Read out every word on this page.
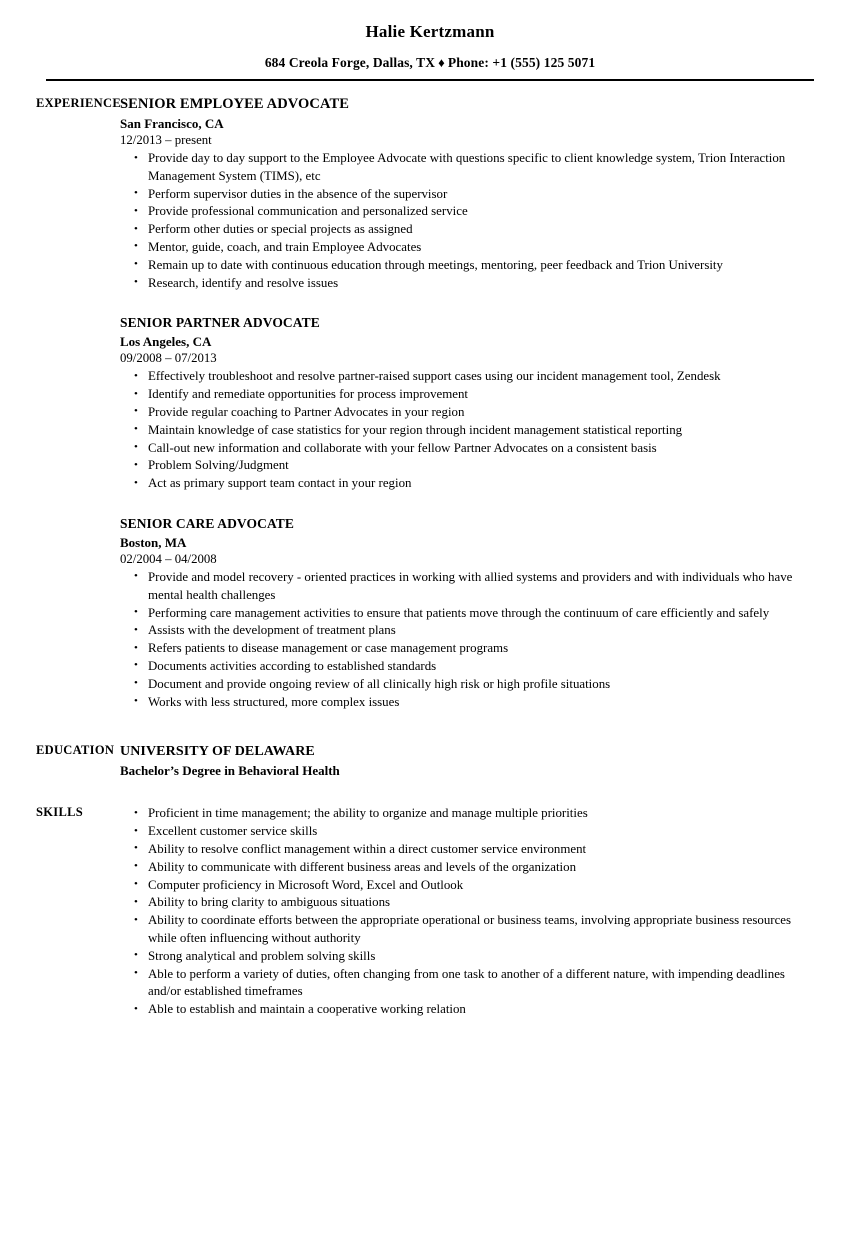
Halie Kertzmann
684 Creola Forge, Dallas, TX ♦ Phone: +1 (555) 125 5071
EXPERIENCE SENIOR EMPLOYEE ADVOCATE
San Francisco, CA
12/2013 – present
• Provide day to day support to the Employee Advocate with questions specific to client knowledge system, Trion Interaction Management System (TIMS), etc
• Perform supervisor duties in the absence of the supervisor
• Provide professional communication and personalized service
• Perform other duties or special projects as assigned
• Mentor, guide, coach, and train Employee Advocates
• Remain up to date with continuous education through meetings, mentoring, peer feedback and Trion University
• Research, identify and resolve issues
SENIOR PARTNER ADVOCATE
Los Angeles, CA
09/2008 – 07/2013
• Effectively troubleshoot and resolve partner-raised support cases using our incident management tool, Zendesk
• Identify and remediate opportunities for process improvement
• Provide regular coaching to Partner Advocates in your region
• Maintain knowledge of case statistics for your region through incident management statistical reporting
• Call-out new information and collaborate with your fellow Partner Advocates on a consistent basis
• Problem Solving/Judgment
• Act as primary support team contact in your region
SENIOR CARE ADVOCATE
Boston, MA
02/2004 – 04/2008
• Provide and model recovery - oriented practices in working with allied systems and providers and with individuals who have mental health challenges
• Performing care management activities to ensure that patients move through the continuum of care efficiently and safely
• Assists with the development of treatment plans
• Refers patients to disease management or case management programs
• Documents activities according to established standards
• Document and provide ongoing review of all clinically high risk or high profile situations
• Works with less structured, more complex issues
EDUCATION UNIVERSITY OF DELAWARE
Bachelor’s Degree in Behavioral Health
SKILLS	• Proficient in time management; the ability to organize and manage multiple priorities
• Excellent customer service skills
• Ability to resolve conflict management within a direct customer service environment
• Ability to communicate with different business areas and levels of the organization
• Computer proficiency in Microsoft Word, Excel and Outlook
• Ability to bring clarity to ambiguous situations
• Ability to coordinate efforts between the appropriate operational or business teams, involving appropriate business resources while often influencing without authority
• Strong analytical and problem solving skills
• Able to perform a variety of duties, often changing from one task to another of a different nature, with impending deadlines and/or established timeframes
• Able to establish and maintain a cooperative working relation
